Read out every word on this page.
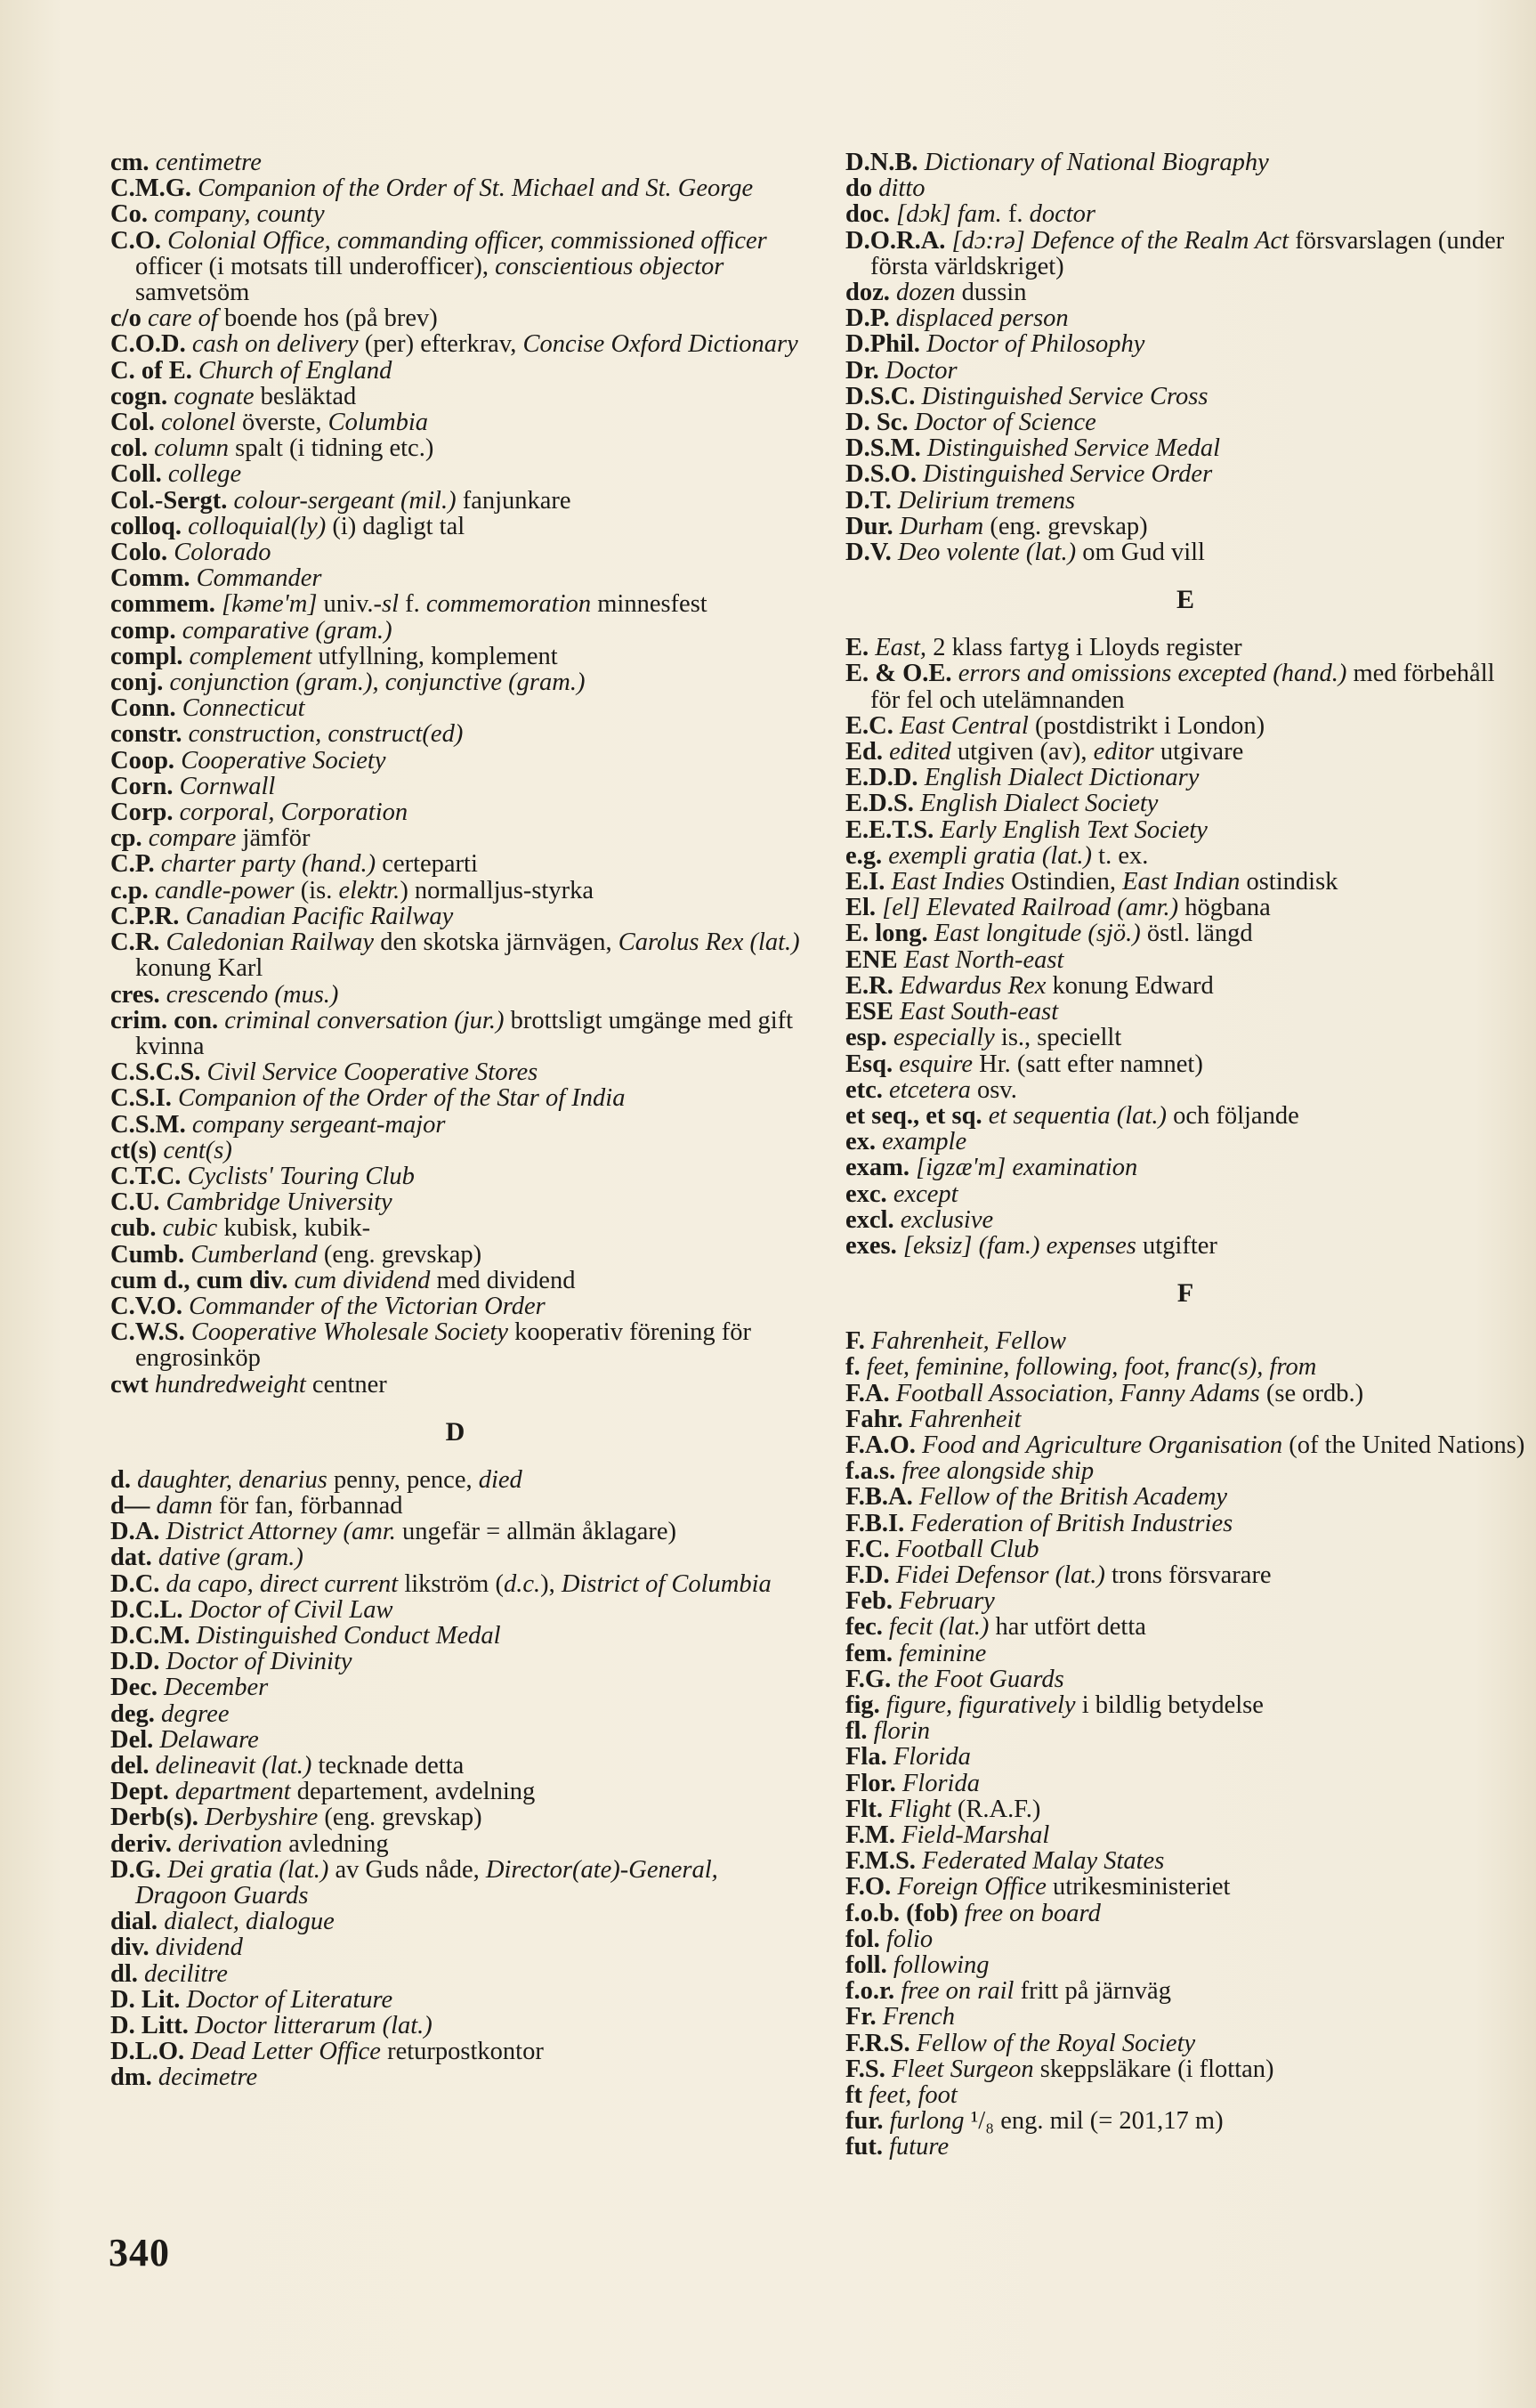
cm. centimetre
C.M.G. Companion of the Order of St. Michael and St. George
Co. company, county
C.O. Colonial Office, commanding officer, commissioned officer officer (i motsats till underofficer), conscientious objector samvetsöm
c/o care of boende hos (på brev)
C.O.D. cash on delivery (per) efterkrav, Concise Oxford Dictionary
C. of E. Church of England
cogn. cognate besläktad
Col. colonel överste, Columbia
col. column spalt (i tidning etc.)
Coll. college
Col.-Sergt. colour-sergeant (mil.) fanjunkare
colloq. colloquial(ly) (i) dagligt tal
Colo. Colorado
Comm. Commander
commem. [kəme'm] univ.-sl f. commemoration minnesfest
comp. comparative (gram.)
compl. complement utfyllning, komplement
conj. conjunction (gram.), conjunctive (gram.)
Conn. Connecticut
constr. construction, construct(ed)
Coop. Cooperative Society
Corn. Cornwall
Corp. corporal, Corporation
cp. compare jämför
C.P. charter party (hand.) certeparti
c.p. candle-power (is. elektr.) normalljus-styrka
C.P.R. Canadian Pacific Railway
C.R. Caledonian Railway den skotska järnvägen, Carolus Rex (lat.) konung Karl
cres. crescendo (mus.)
crim. con. criminal conversation (jur.) brottsligt umgänge med gift kvinna
C.S.C.S. Civil Service Cooperative Stores
C.S.I. Companion of the Order of the Star of India
C.S.M. company sergeant-major
ct(s) cent(s)
C.T.C. Cyclists' Touring Club
C.U. Cambridge University
cub. cubic kubisk, kubik-
Cumb. Cumberland (eng. grevskap)
cum d., cum div. cum dividend med dividend
C.V.O. Commander of the Victorian Order
C.W.S. Cooperative Wholesale Society kooperativ förening för engrosinköp
cwt hundredweight centner
D
d. daughter, denarius penny, pence, died
d— damn för fan, förbannad
D.A. District Attorney (amr. ungefär = allmän åklagare)
dat. dative (gram.)
D.C. da capo, direct current likström (d.c.), District of Columbia
D.C.L. Doctor of Civil Law
D.C.M. Distinguished Conduct Medal
D.D. Doctor of Divinity
Dec. December
deg. degree
Del. Delaware
del. delineavit (lat.) tecknade detta
Dept. department departement, avdelning
Derb(s). Derbyshire (eng. grevskap)
deriv. derivation avledning
D.G. Dei gratia (lat.) av Guds nåde, Director(ate)-General, Dragoon Guards
dial. dialect, dialogue
div. dividend
dl. decilitre
D. Lit. Doctor of Literature
D. Litt. Doctor litterarum (lat.)
D.L.O. Dead Letter Office returpostkontor
dm. decimetre
D.N.B. Dictionary of National Biography
do ditto
doc. [dɔk] fam. f. doctor
D.O.R.A. [dɔ:rə] Defence of the Realm Act försvarslagen (under första världskriget)
doz. dozen dussin
D.P. displaced person
D.Phil. Doctor of Philosophy
Dr. Doctor
D.S.C. Distinguished Service Cross
D. Sc. Doctor of Science
D.S.M. Distinguished Service Medal
D.S.O. Distinguished Service Order
D.T. Delirium tremens
Dur. Durham (eng. grevskap)
D.V. Deo volente (lat.) om Gud vill
E
E. East, 2 klass fartyg i Lloyds register
E. & O.E. errors and omissions excepted (hand.) med förbehåll för fel och utelämnanden
E.C. East Central (postdistrikt i London)
Ed. edited utgiven (av), editor utgivare
E.D.D. English Dialect Dictionary
E.D.S. English Dialect Society
E.E.T.S. Early English Text Society
e.g. exempli gratia (lat.) t. ex.
E.I. East Indies Ostindien, East Indian ostindisk
El. [el] Elevated Railroad (amr.) högbana
E. long. East longitude (sjö.) östl. längd
ENE East North-east
E.R. Edwardus Rex konung Edward
ESE East South-east
esp. especially is., speciellt
Esq. esquire Hr. (satt efter namnet)
etc. etcetera osv.
et seq., et sq. et sequentia (lat.) och följande
ex. example
exam. [igzæ'm] examination
exc. except
excl. exclusive
exes. [eksiz] (fam.) expenses utgifter
F
F. Fahrenheit, Fellow
f. feet, feminine, following, foot, franc(s), from
F.A. Football Association, Fanny Adams (se ordb.)
Fahr. Fahrenheit
F.A.O. Food and Agriculture Organisation (of the United Nations)
f.a.s. free alongside ship
F.B.A. Fellow of the British Academy
F.B.I. Federation of British Industries
F.C. Football Club
F.D. Fidei Defensor (lat.) trons försvarare
Feb. February
fec. fecit (lat.) har utfört detta
fem. feminine
F.G. the Foot Guards
fig. figure, figuratively i bildlig betydelse
fl. florin
Fla. Florida
Flor. Florida
Flt. Flight (R.A.F.)
F.M. Field-Marshal
F.M.S. Federated Malay States
F.O. Foreign Office utrikesministeriet
f.o.b. (fob) free on board
fol. folio
foll. following
f.o.r. free on rail fritt på järnväg
Fr. French
F.R.S. Fellow of the Royal Society
F.S. Fleet Surgeon skeppsläkare (i flottan)
ft feet, foot
fur. furlong ¹/₈ eng. mil (= 201,17 m)
fut. future
340
